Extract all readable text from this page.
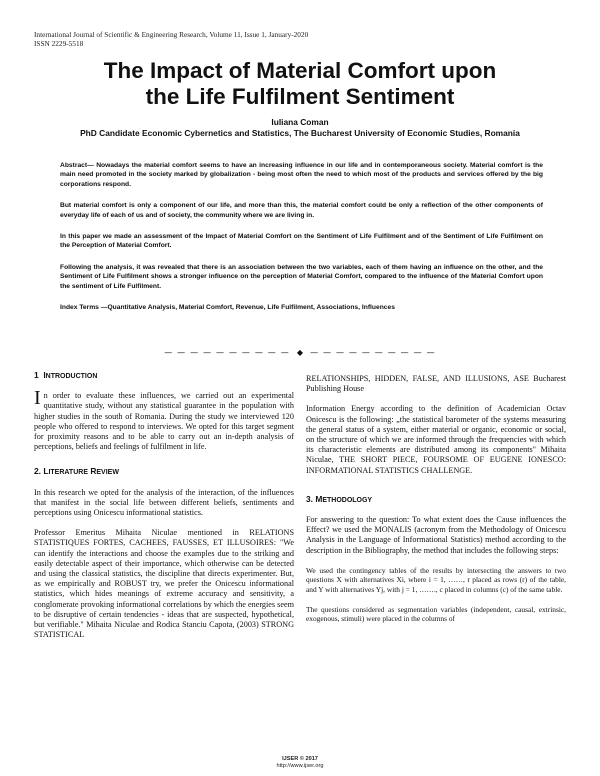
International Journal of Scientific & Engineering Research, Volume 11, Issue 1, January-2020
ISSN 2229-5518
The Impact of Material Comfort upon
the Life Fulfilment Sentiment
Iuliana Coman
PhD Candidate Economic Cybernetics and Statistics, The Bucharest University of Economic Studies, Romania

Abstract— Nowadays the material comfort seems to have an increasing influence in our life and in contemporaneous society. Material comfort is the main need promoted in the society marked by globalization - being most often the need to which most of the products and services offered by the big corporations respond.

But material comfort is only a component of our life, and more than this, the material comfort could be only a reflection of the other components of everyday life of each of us and of society, the community where we are living in.

In this paper we made an assessment of the Impact of Material Comfort on the Sentiment of Life Fulfilment and of the Sentiment of Life Fulfilment on the Perception of Material Comfort.

Following the analysis, it was revealed that there is an association between the two variables, each of them having an influence on the other, and the Sentiment of Life Fulfilment shows a stronger influence on the perception of Material Comfort, compared to the influence of the Material Comfort upon the sentiment of Life Fulfilment.

Index Terms —Quantitative Analysis, Material Comfort, Revenue, Life Fulfilment, Associations, Influences

— — — — — — — — — — ◆ — — — — — — — — — —
1 INTRODUCTION

In order to evaluate these influences, we carried out an experimental quantitative study, without any statistical guarantee in the population with higher studies in the south of Romania. During the study we interviewed 120 people who offered to respond to interviews. We opted for this target segment for proximity reasons and to be able to carry out an in-depth analysis of perceptions, beliefs and feelings of fulfilment in life.

2. LITERATURE REVIEW

In this research we opted for the analysis of the interaction, of the influences that manifest in the social life between different beliefs, sentiments and perceptions using Onicescu informational statistics.

Professor Emeritus Mihaita Niculae mentioned in RELATIONS STATISTIQUES FORTES, CACHEES, FAUSSES, ET ILLUSOIRES: "We can identify the interactions and choose the examples due to the striking and easily detectable aspect of their importance, which otherwise can be detected and using the classical statistics, the discipline that directs experimenter. But, as we empirically and ROBUST try, we prefer the Onicescu informational statistics, which hides meanings of extreme accuracy and sensitivity, a conglomerate provoking informational correlations by which the energies seem to be disruptive of certain tendencies - ideas that are suspected, hypothetical, but verifiable." Mihaita Niculae and Rodica Stanciu Capota, (2003) STRONG STATISTICAL

RELATIONSHIPS, HIDDEN, FALSE, AND ILLUSIONS, ASE Bucharest Publishing House

Information Energy according to the definition of Academician Octav Onicescu is the following: „the statistical barometer of the systems measuring the general status of a system, either material or organic, economic or social, on the structure of which we are informed through the frequencies with which its characteristic elements are distributed among its components" Mihaita Niculae, THE SHORT PIECE, FOURSOME OF EUGENE IONESCO: INFORMATIONAL STATISTICS CHALLENGE.

3. METHODOLOGY

For answering to the question: To what extent does the Cause influences the Effect? we used the MONALIS (acronym from the Methodology of Onicescu Analysis in the Language of Informational Statistics) method according to the description in the Bibliography, the method that includes the following steps:

We used the contingency tables of the results by intersecting the answers to two questions X with alternatives Xi, where i = 1, ……, r placed as rows (r) of the table, and Y with alternatives Yj, with j = 1, ……., c placed in columns (c) of the same table.

The questions considered as segmentation variables (independent, causal, extrinsic, exogenous, stimuli) were placed in the columns of

IJSER © 2017
http://www.ijser.org
